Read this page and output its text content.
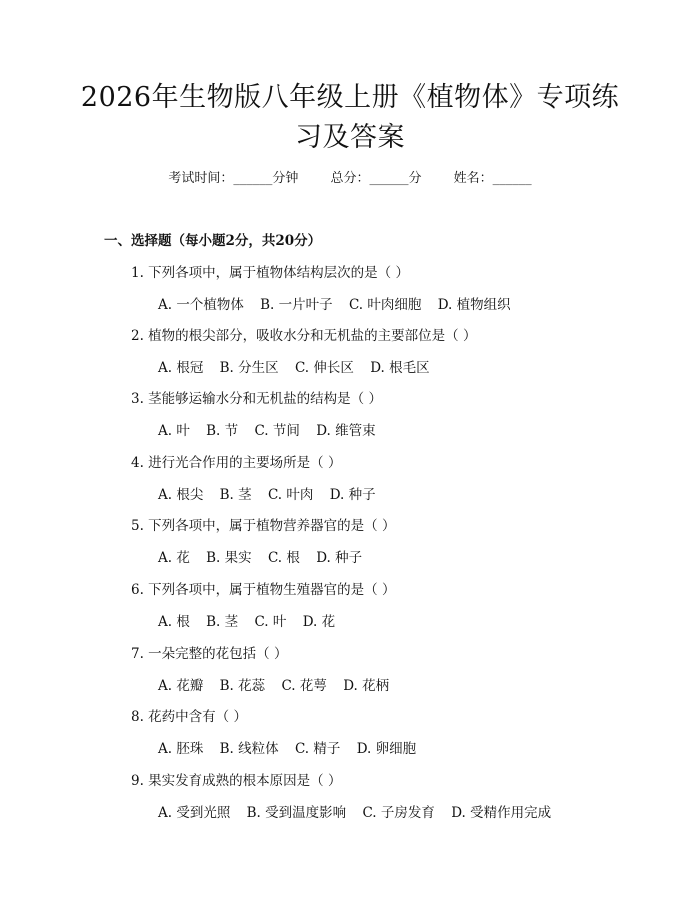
2026年生物版八年级上册《植物体》专项练
习及答案
考试时间：______分钟 总分：______分 姓名：______
一、选择题（每小题2分，共20分）
1. 下列各项中，属于植物体结构层次的是（ ）
A. 一个植物体 B. 一片叶子 C. 叶肉细胞 D. 植物组织
2. 植物的根尖部分，吸收水分和无机盐的主要部位是（ ）
A. 根冠 B. 分生区 C. 伸长区 D. 根毛区
3. 茎能够运输水分和无机盐的结构是（ ）
A. 叶 B. 节 C. 节间 D. 维管束
4. 进行光合作用的主要场所是（ ）
A. 根尖 B. 茎 C. 叶肉 D. 种子
5. 下列各项中，属于植物营养器官的是（ ）
A. 花 B. 果实 C. 根 D. 种子
6. 下列各项中，属于植物生殖器官的是（ ）
A. 根 B. 茎 C. 叶 D. 花
7. 一朵完整的花包括（ ）
A. 花瓣 B. 花蕊 C. 花萼 D. 花柄
8. 花药中含有（ ）
A. 胚珠 B. 线粒体 C. 精子 D. 卵细胞
9. 果实发育成熟的根本原因是（ ）
A. 受到光照 B. 受到温度影响 C. 子房发育 D. 受精作用完成
